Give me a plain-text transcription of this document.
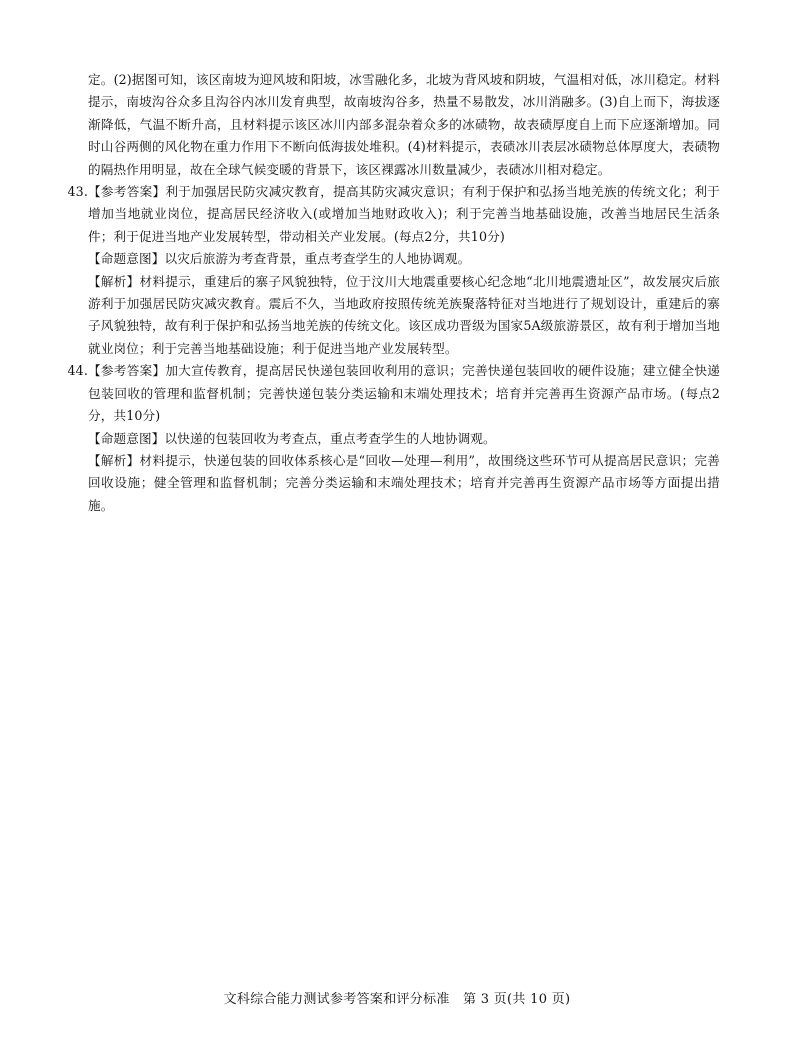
定。(2)据图可知，该区南坡为迎风坡和阳坡，冰雪融化多，北坡为背风坡和阴坡，气温相对低，冰川稳定。材料提示，南坡沟谷众多且沟谷内冰川发育典型，故南坡沟谷多，热量不易散发，冰川消融多。(3)自上而下，海拔逐渐降低，气温不断升高，且材料提示该区冰川内部多混杂着众多的冰碛物，故表碛厚度自上而下应逐渐增加。同时山谷两侧的风化物在重力作用下不断向低海拔处堆积。(4)材料提示，表碛冰川表层冰碛物总体厚度大，表碛物的隔热作用明显，故在全球气候变暖的背景下，该区裸露冰川数量减少，表碛冰川相对稳定。

43. 【参考答案】利于加强居民防灾减灾教育，提高其防灾减灾意识；有利于保护和弘扬当地羌族的传统文化；利于增加当地就业岗位，提高居民经济收入(或增加当地财政收入)；利于完善当地基础设施，改善当地居民生活条件；利于促进当地产业发展转型，带动相关产业发展。(每点2分，共10分)

【命题意图】以灾后旅游为考查背景，重点考查学生的人地协调观。

【解析】材料提示，重建后的寨子风貌独特，位于汶川大地震重要核心纪念地“北川地震遗址区”，故发展灾后旅游利于加强居民防灾减灾教育。震后不久，当地政府按照传统羌族聚落特征对当地进行了规划设计，重建后的寨子风貌独特，故有利于保护和弘扬当地羌族的传统文化。该区成功晋级为国家5A级旅游景区，故有利于增加当地就业岗位；利于完善当地基础设施；利于促进当地产业发展转型。

44. 【参考答案】加大宣传教育，提高居民快递包装回收利用的意识；完善快递包装回收的硬件设施；建立健全快递包装回收的管理和监督机制；完善快递包装分类运输和末端处理技术；培育并完善再生资源产品市场。(每点2分，共10分)

【命题意图】以快递的包装回收为考查点，重点考查学生的人地协调观。

【解析】材料提示，快递包装的回收体系核心是“回收—处理—利用”，故围绕这些环节可从提高居民意识；完善回收设施；健全管理和监督机制；完善分类运输和末端处理技术；培育并完善再生资源产品市场等方面提出措施。

文科综合能力测试参考答案和评分标准　第 3 页(共 10 页)
